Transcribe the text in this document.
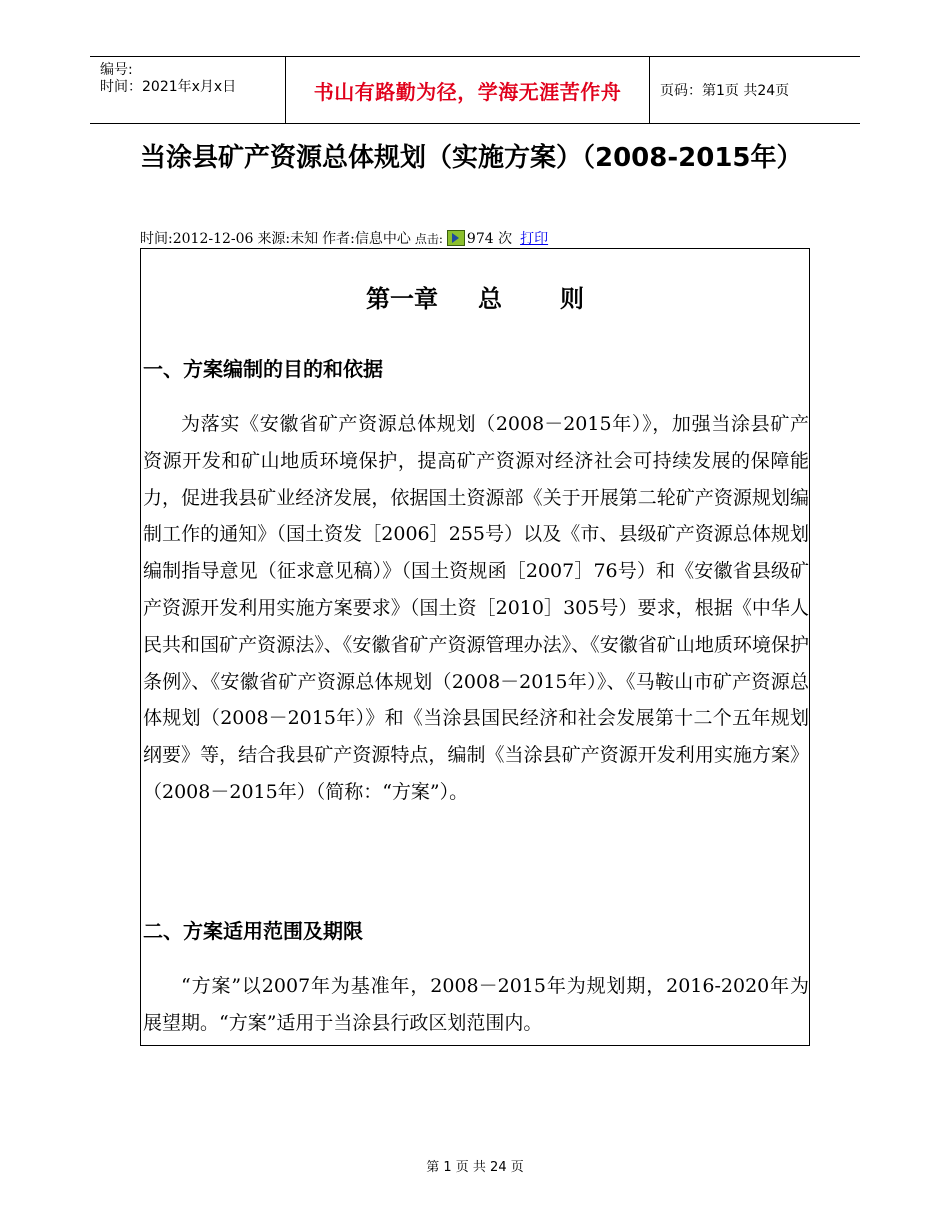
编号:
时间：2021年x月x日	书山有路勤为径，学海无涯苦作舟	页码：第1页 共24页
当涂县矿产资源总体规划（实施方案）（2008-2015年）
时间:2012-12-06 来源:未知 作者:信息中心 点击: 974 次 打印
第一章 总 则
一、方案编制的目的和依据

为落实《安徽省矿产资源总体规划（2008－2015年）》，加强当涂县矿产资源开发和矿山地质环境保护，提高矿产资源对经济社会可持续发展的保障能力，促进我县矿业经济发展，依据国土资源部《关于开展第二轮矿产资源规划编制工作的通知》（国土资发［2006］255号）以及《市、县级矿产资源总体规划编制指导意见（征求意见稿）》（国土资规函［2007］76号）和《安徽省县级矿产资源开发利用实施方案要求》（国土资［2010］305号）要求，根据《中华人民共和国矿产资源法》、《安徽省矿产资源管理办法》、《安徽省矿山地质环境保护条例》、《安徽省矿产资源总体规划（2008－2015年）》、《马鞍山市矿产资源总体规划（2008－2015年）》和《当涂县国民经济和社会发展第十二个五年规划纲要》等，结合我县矿产资源特点，编制《当涂县矿产资源开发利用实施方案》（2008－2015年）（简称：“方案”）。

二、方案适用范围及期限

“方案”以2007年为基准年，2008－2015年为规划期，2016-2020年为展望期。“方案”适用于当涂县行政区划范围内。

第 1 页 共 24 页
